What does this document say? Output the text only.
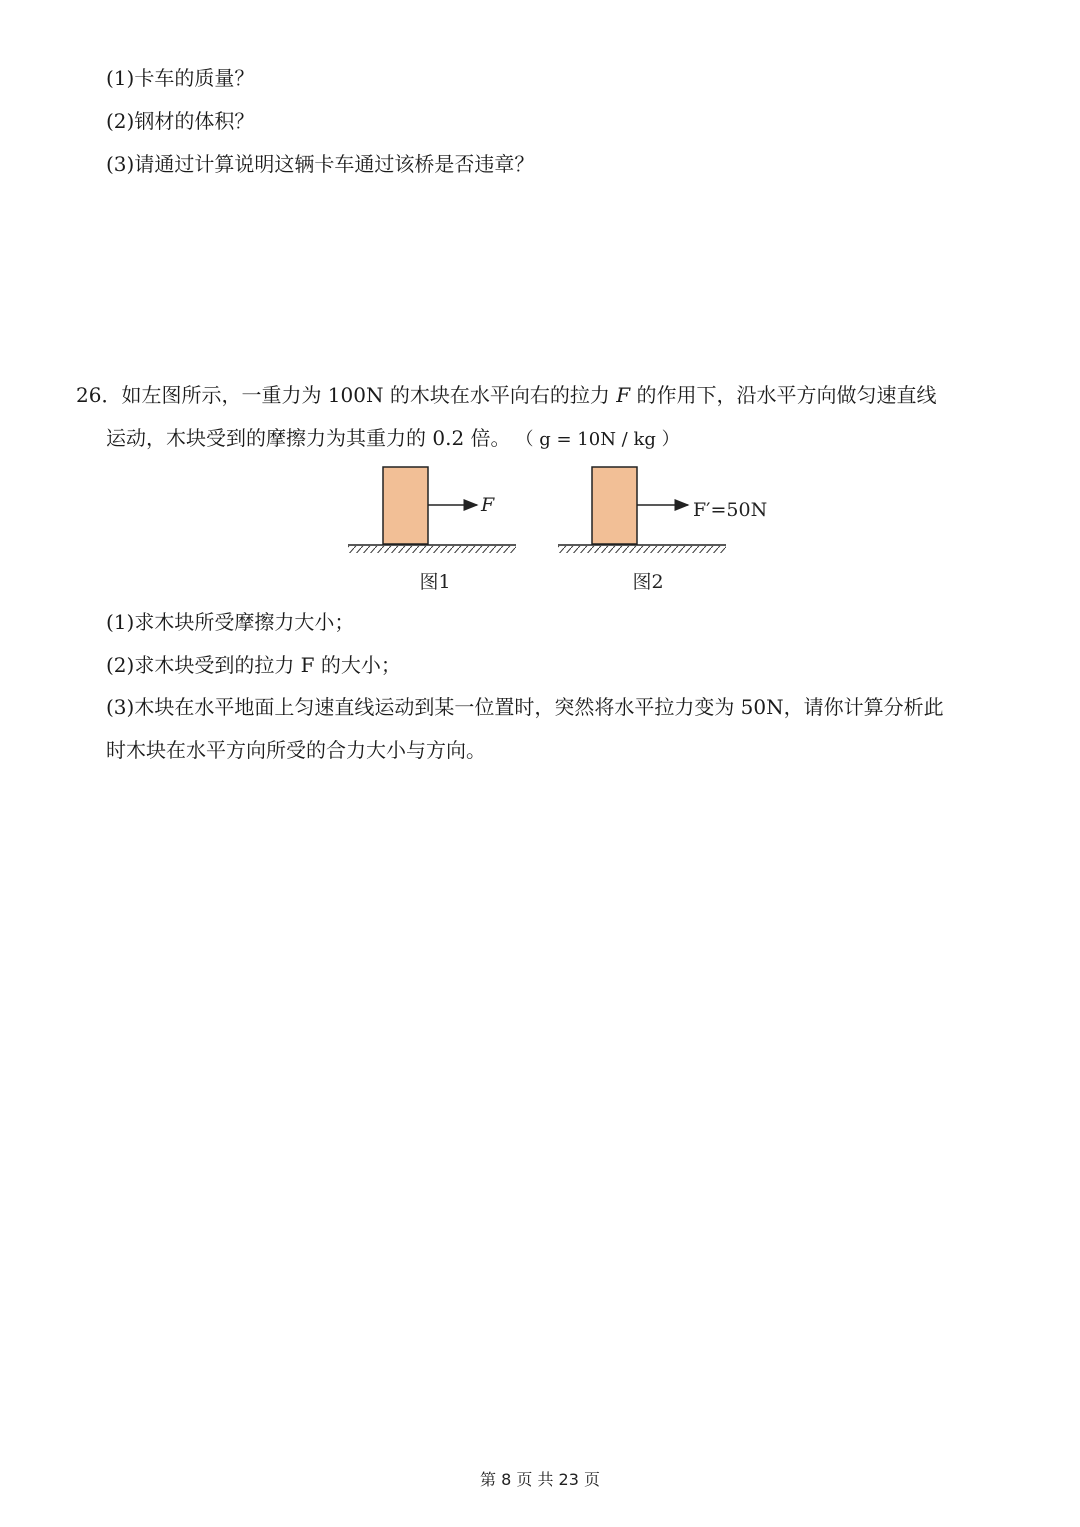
(1)卡车的质量？
(2)钢材的体积？
(3)请通过计算说明这辆卡车通过该桥是否违章？
26．如左图所示，一重力为 100N 的木块在水平向右的拉力 F 的作用下，沿水平方向做匀速直线
运动，木块受到的摩擦力为其重力的 0.2 倍。 （ g = 10N / kg ）
F
图1
F′=50N
图2
(1)求木块所受摩擦力大小；
(2)求木块受到的拉力 F 的大小；
(3)木块在水平地面上匀速直线运动到某一位置时，突然将水平拉力变为 50N，请你计算分析此
时木块在水平方向所受的合力大小与方向。
第 8 页 共 23 页
